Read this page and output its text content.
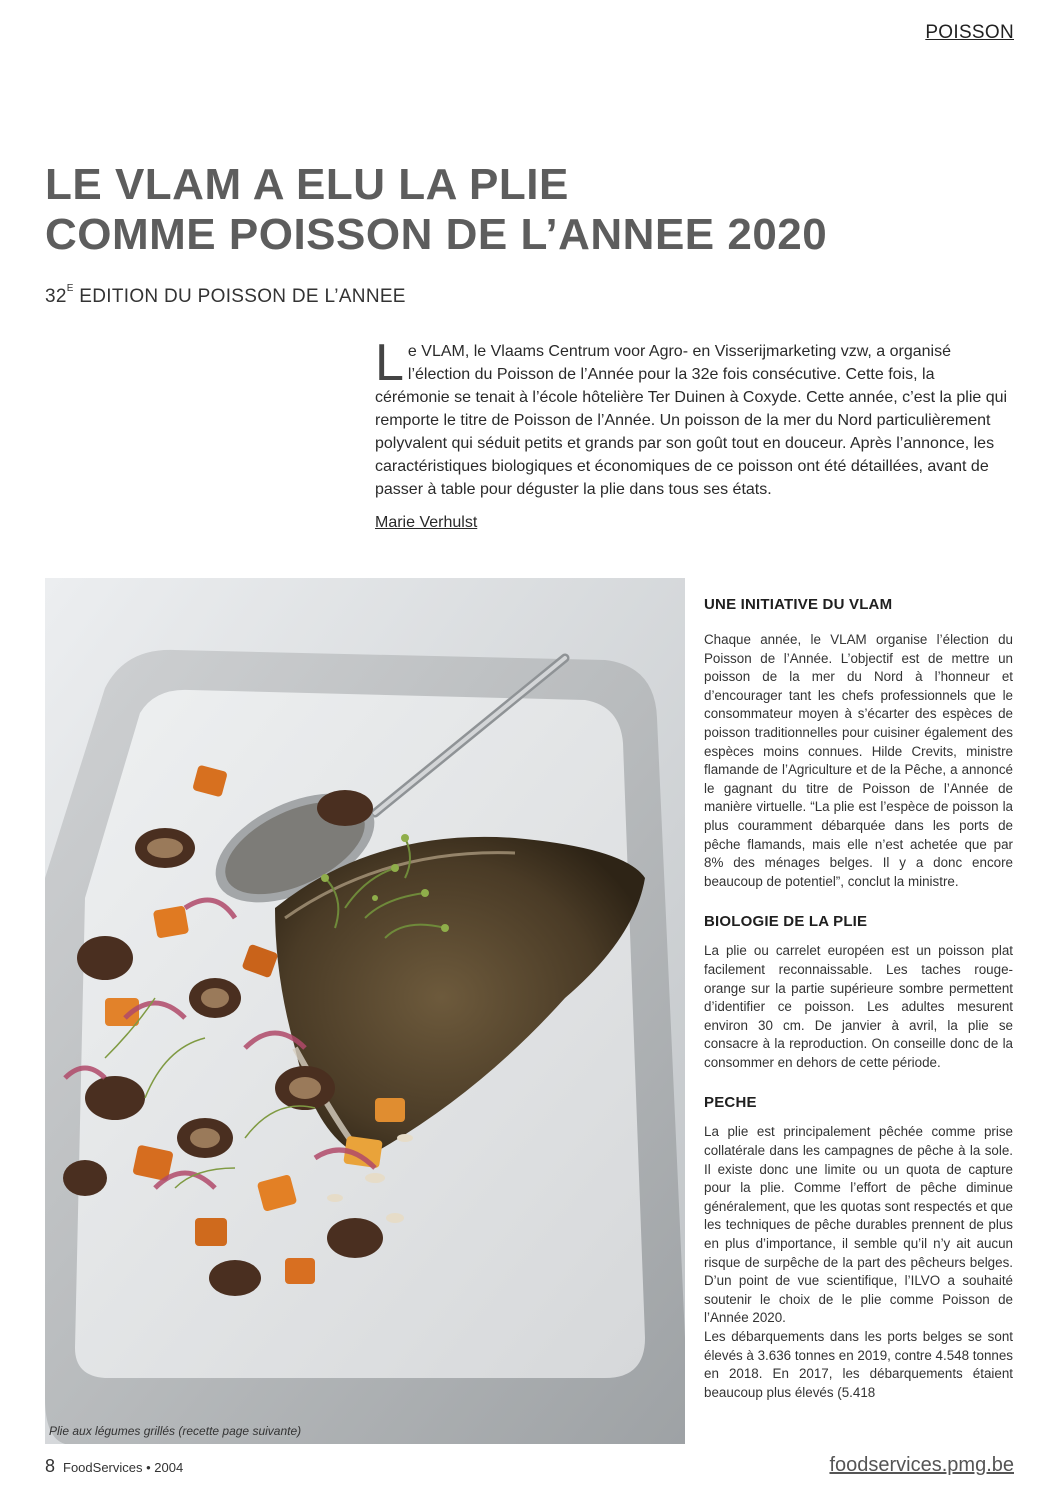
POISSON
LE VLAM A ELU LA PLIE
COMME POISSON DE L’ANNEE 2020
$32^E$ EDITION DU POISSON DE L’ANNEE

Le VLAM, le Vlaams Centrum voor Agro- en Visserijmarketing vzw, a organisé l’élection du Poisson de l’Année pour la 32e fois consécutive. Cette fois, la cérémonie se tenait à l’école hôtelière Ter Duinen à Coxyde. Cette année, c’est la plie qui remporte le titre de Poisson de l’Année. Un poisson de la mer du Nord particulièrement polyvalent qui séduit petits et grands par son goût tout en douceur. Après l’annonce, les caractéristiques biologiques et économiques de ce poisson ont été détaillées, avant de passer à table pour déguster la plie dans tous ses états.

Marie Verhulst
Plie aux légumes grillés (recette page suivante)
UNE INITIATIVE DU VLAM

Chaque année, le VLAM organise l’élection du Poisson de l’Année. L’objectif est de mettre un poisson de la mer du Nord à l’honneur et d’encourager tant les chefs professionnels que le consommateur moyen à s’écarter des espèces de poisson traditionnelles pour cuisiner également des espèces moins connues. Hilde Crevits, ministre flamande de l’Agriculture et de la Pêche, a annoncé le gagnant du titre de Poisson de l’Année de manière virtuelle. “La plie est l’espèce de poisson la plus couramment débarquée dans les ports de pêche flamands, mais elle n’est achetée que par 8% des ménages belges. Il y a donc encore beaucoup de potentiel”, conclut la ministre.

BIOLOGIE DE LA PLIE

La plie ou carrelet européen est un poisson plat facilement reconnaissable. Les taches rouge-orange sur la partie supérieure sombre permettent d’identifier ce poisson. Les adultes mesurent environ 30 cm. De janvier à avril, la plie se consacre à la reproduction. On conseille donc de la consommer en dehors de cette période.

PECHE

La plie est principalement pêchée comme prise collatérale dans les campagnes de pêche à la sole. Il existe donc une limite ou un quota de capture pour la plie. Comme l’effort de pêche diminue généralement, que les quotas sont respectés et que les techniques de pêche durables prennent de plus en plus d’importance, il semble qu’il n’y ait aucun risque de surpêche de la part des pêcheurs belges. D’un point de vue scientifique, l’ILVO a souhaité soutenir le choix de le plie comme Poisson de l’Année 2020.

Les débarquements dans les ports belges se sont élevés à 3.636 tonnes en 2019, contre 4.548 tonnes en 2018. En 2017, les débarquements étaient beaucoup plus élevés (5.418

8 FoodServices • 2004	foodservices.pmg.be
